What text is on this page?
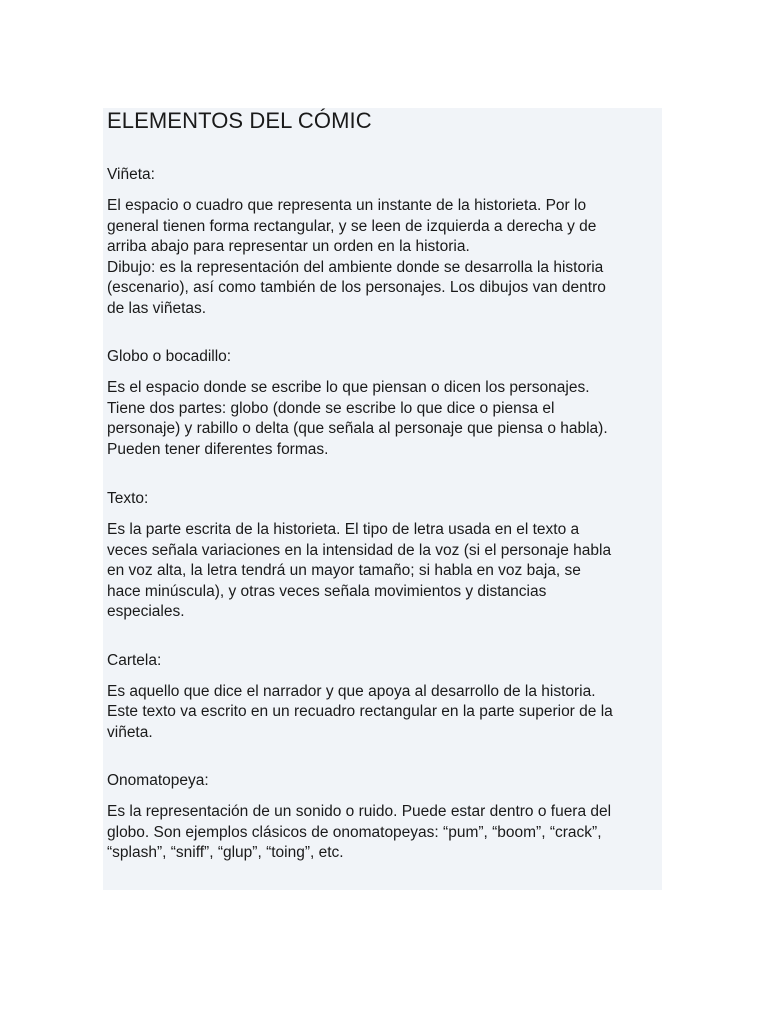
ELEMENTOS DEL CÓMIC

Viñeta:

El espacio o cuadro que representa un instante de la historieta. Por lo
general tienen forma rectangular, y se leen de izquierda a derecha y de
arriba abajo para representar un orden en la historia.
Dibujo: es la representación del ambiente donde se desarrolla la historia
(escenario), así como también de los personajes. Los dibujos van dentro
de las viñetas.

Globo o bocadillo:

Es el espacio donde se escribe lo que piensan o dicen los personajes.
Tiene dos partes: globo (donde se escribe lo que dice o piensa el
personaje) y rabillo o delta (que señala al personaje que piensa o habla).
Pueden tener diferentes formas.

Texto:

Es la parte escrita de la historieta. El tipo de letra usada en el texto a
veces señala variaciones en la intensidad de la voz (si el personaje habla
en voz alta, la letra tendrá un mayor tamaño; si habla en voz baja, se
hace minúscula), y otras veces señala movimientos y distancias
especiales.

Cartela:

Es aquello que dice el narrador y que apoya al desarrollo de la historia.
Este texto va escrito en un recuadro rectangular en la parte superior de la
viñeta.

Onomatopeya:

Es la representación de un sonido o ruido. Puede estar dentro o fuera del
globo. Son ejemplos clásicos de onomatopeyas: “pum”, “boom”, “crack”,
“splash”, “sniff”, “glup”, “toing”, etc.
